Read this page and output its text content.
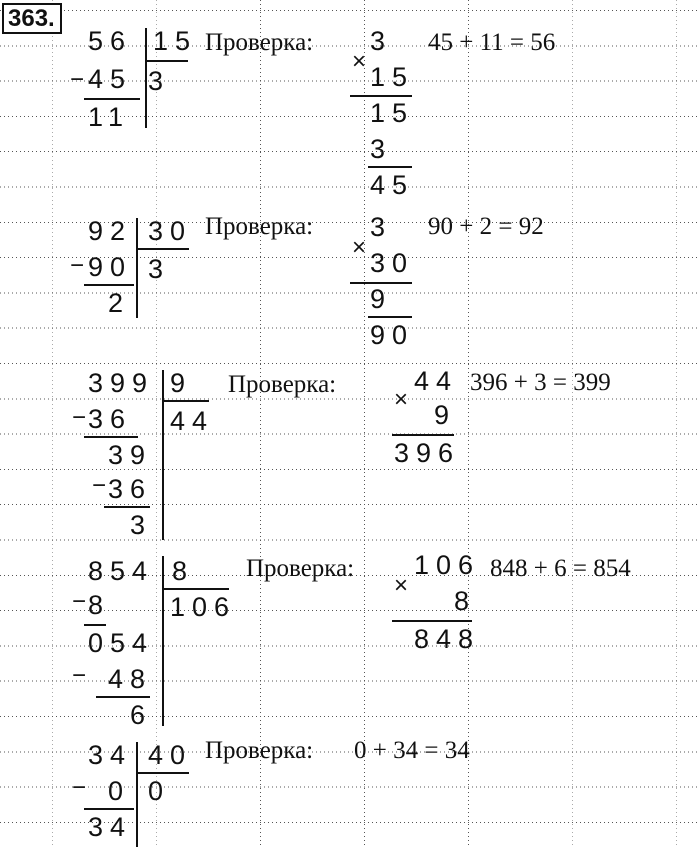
363.
56 15
3
− 45
11
Проверка: 3
×
15
15
3
45
45 + 11 = 56
92 30
3
− 90
2
Проверка: 3
×
30
9
90
90 + 2 = 92
399 9
44
− 36
39
− 36
3
Проверка:	44
×
9
396
396 + 3 = 399
854 8
106
− 8
054
− 48
6
Проверка: 106
×
8
848
848 + 6 = 854
34 40
0
− 0
34
Проверка: 0 + 34 = 34
